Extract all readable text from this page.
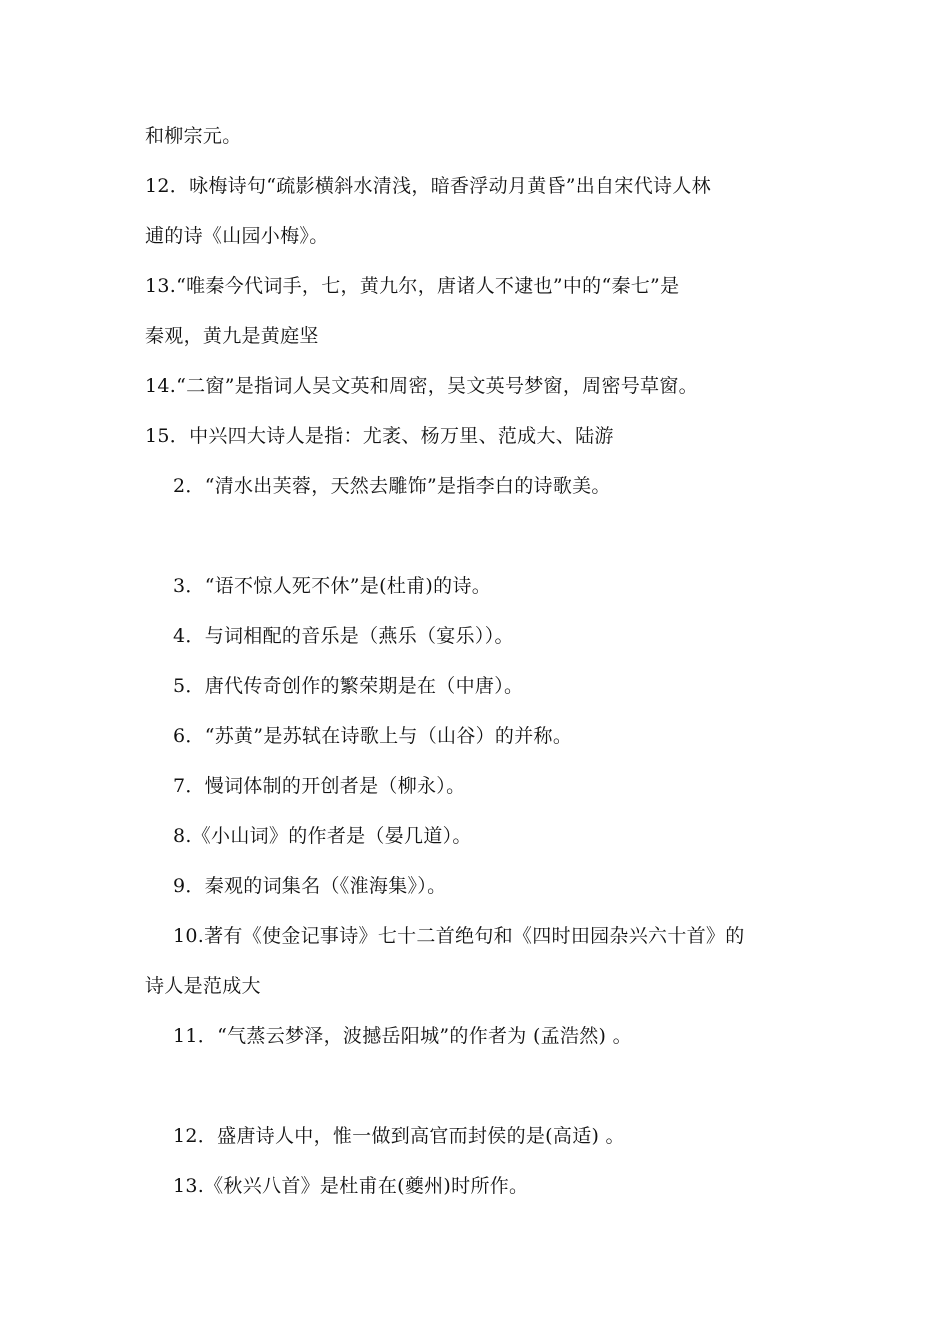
和柳宗元。
12．咏梅诗句“疏影横斜水清浅，暗香浮动月黄昏”出自宋代诗人林
逋的诗《山园小梅》。
13.“唯秦今代词手，七，黄九尔，唐诸人不逮也”中的“秦七”是
秦观，黄九是黄庭坚
14.“二窗”是指词人吴文英和周密，吴文英号梦窗，周密号草窗。
15．中兴四大诗人是指：尤袤、杨万里、范成大、陆游
2．“清水出芙蓉，天然去雕饰”是指李白的诗歌美。
3．“语不惊人死不休”是(杜甫)的诗。
4．与词相配的音乐是（燕乐（宴乐））。
5．唐代传奇创作的繁荣期是在（中唐）。
6．“苏黄”是苏轼在诗歌上与（山谷）的并称。
7．慢词体制的开创者是（柳永）。
8.《小山词》的作者是（晏几道）。
9．秦观的词集名（《淮海集》）。
10.著有《使金记事诗》七十二首绝句和《四时田园杂兴六十首》的
诗人是范成大
11．“气蒸云梦泽，波撼岳阳城”的作者为 (孟浩然) 。
12．盛唐诗人中，惟一做到高官而封侯的是(高适) 。
13.《秋兴八首》是杜甫在(夔州)时所作。
